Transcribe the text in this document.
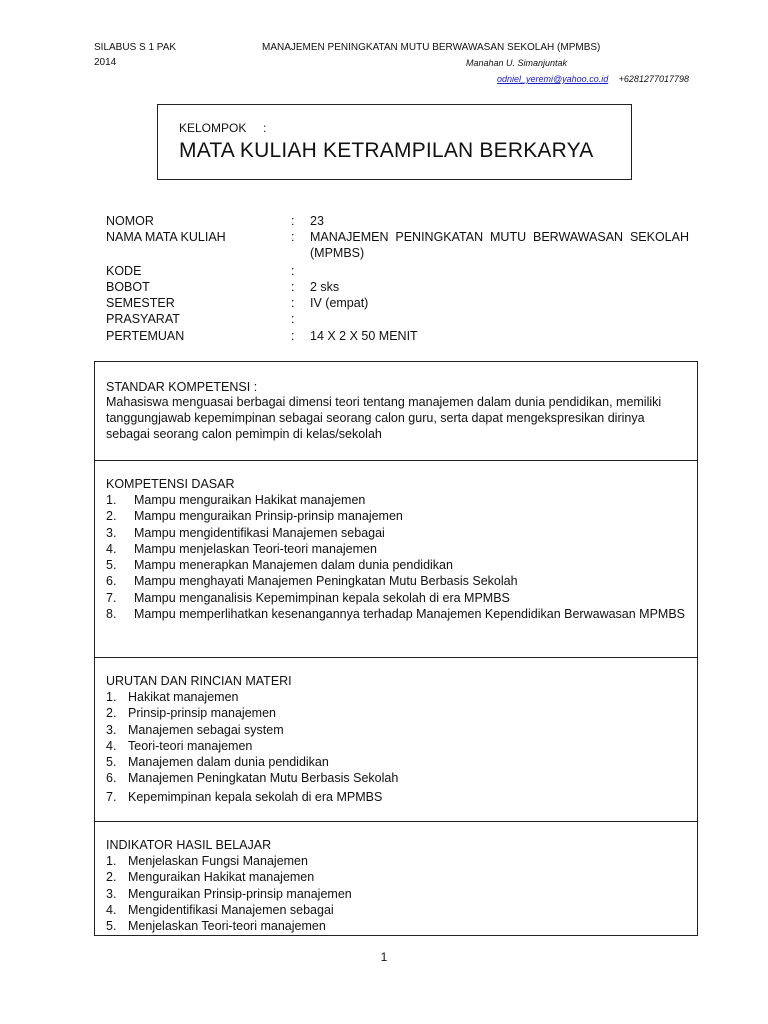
SILABUS S 1 PAK
2014
MANAJEMEN PENINGKATAN MUTU BERWAWASAN SEKOLAH (MPMBS)
Manahan U. Simanjuntak
odniel_yeremi@yahoo.co.id +6281277017798
KELOMPOK     :
MATA KULIAH KETRAMPILAN BERKARYA
NOMOR	: 23
NAMA MATA KULIAH	: MANAJEMEN PENINGKATAN MUTU BERWAWASAN SEKOLAH (MPMBS)
KODE	:
BOBOT	: 2 sks
SEMESTER	: IV (empat)
PRASYARAT	:
PERTEMUAN	: 14 X 2 X 50 MENIT
STANDAR KOMPETENSI :
Mahasiswa menguasai berbagai dimensi teori tentang manajemen dalam dunia pendidikan, memiliki tanggungjawab kepemimpinan sebagai seorang calon guru, serta dapat mengekspresikan dirinya sebagai seorang calon pemimpin di kelas/sekolah
KOMPETENSI DASAR
1. Mampu menguraikan Hakikat manajemen
2. Mampu menguraikan Prinsip-prinsip manajemen
3. Mampu mengidentifikasi Manajemen sebagai
4. Mampu menjelaskan Teori-teori manajemen
5. Mampu menerapkan Manajemen dalam dunia pendidikan
6. Mampu menghayati Manajemen Peningkatan Mutu Berbasis Sekolah
7. Mampu menganalisis Kepemimpinan kepala sekolah di era MPMBS
8. Mampu memperlihatkan kesenangannya terhadap Manajemen Kependidikan Berwawasan MPMBS
URUTAN DAN RINCIAN MATERI
1. Hakikat manajemen
2. Prinsip-prinsip manajemen
3. Manajemen sebagai system
4. Teori-teori manajemen
5. Manajemen dalam dunia pendidikan
6. Manajemen Peningkatan Mutu Berbasis Sekolah
7. Kepemimpinan kepala sekolah di era MPMBS
INDIKATOR HASIL BELAJAR
1. Menjelaskan Fungsi Manajemen
2. Menguraikan Hakikat manajemen
3. Menguraikan Prinsip-prinsip manajemen
4. Mengidentifikasi Manajemen sebagai
5. Menjelaskan Teori-teori manajemen
1
